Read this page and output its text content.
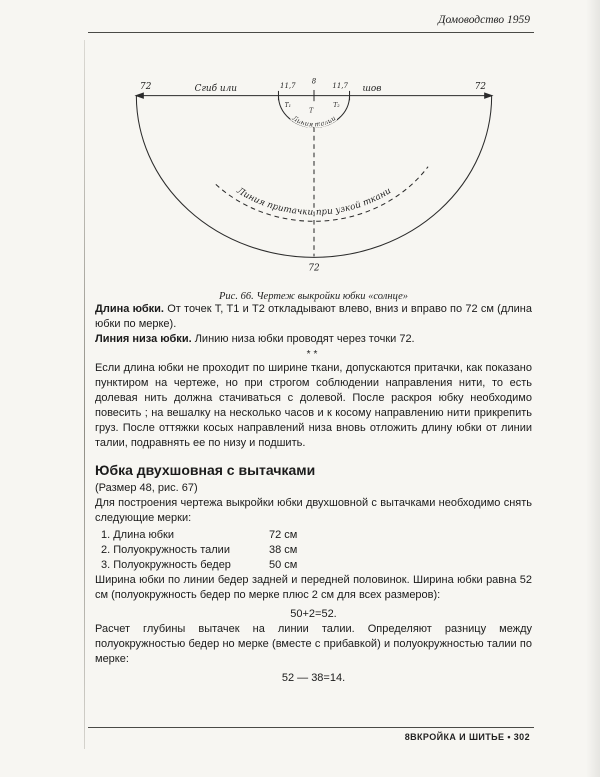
Домоводство 1959
72	72
Сгиб или	шов
11,7
8
11,7
Т₁
Т
Т₂
Линия талии
Линия притачки при узкой ткани
72
Рис. 66. Чертеж выкройки юбки «солнце»

Длина юбки. От точек Т, Т1 и Т2 откладывают влево, вниз и вправо по 72 см (длина юбки по мерке).

Линия низа юбки. Линию низа юбки проводят через точки 72.

**

Если длина юбки не проходит по ширине ткани, допускаются притачки, как показано пунктиром на чертеже, но при строгом соблюдении направления нити, то есть долевая нить должна стачиваться с долевой. После раскроя юбку необходимо повесить ; на вешалку на несколько часов и к косому направлению нити прикрепить груз. После оттяжки косых направлений низа вновь отложить длину юбки от линии талии, подравнять ее по низу и подшить.

Юбка двухшовная с вытачками
(Размер 48, рис. 67)

Для построения чертежа выкройки юбки двухшовной с вытачками необходимо снять следующие мерки:

1. Длина юбки	72 см
2. Полуокружность талии	38 см
3. Полуокружность бедер	50 см

Ширина юбки по линии бедер задней и передней половинок. Ширина юбки равна 52 см (полуокружность бедер по мерке плюс 2 см для всех размеров):

50+2=52.

Расчет глубины вытачек на линии талии. Определяют разницу между полуокружностью бедер но мерке (вместе с прибавкой) и полуокружностью талии по мерке:

52 — 38=14.

8ВКРОЙКА И ШИТЬЕ • 302
